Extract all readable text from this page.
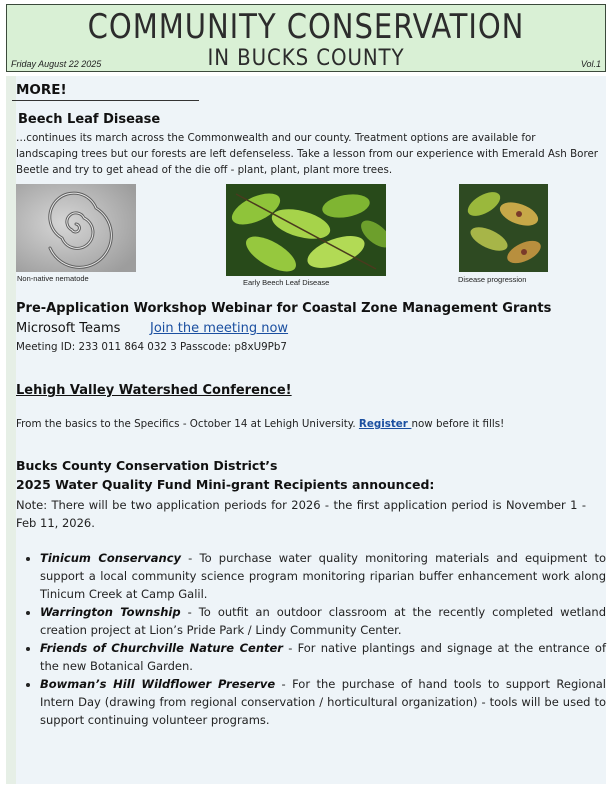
COMMUNITY CONSERVATION
IN BUCKS COUNTY
Friday August 22 2025	Vol.1
MORE!
Beech Leaf Disease
…continues its march across the Commonwealth and our county. Treatment options are available for landscaping trees but our forests are left defenseless. Take a lesson from our experience with Emerald Ash Borer Beetle and try to get ahead of the die off - plant, plant, plant more trees.
Non-native nematode	Early Beech Leaf Disease	Disease progression
Pre-Application Workshop Webinar for Coastal Zone Management Grants
Microsoft Teams Join the meeting now
Meeting ID: 233 011 864 032 3 Passcode: p8xU9Pb7
Lehigh Valley Watershed Conference!
From the basics to the Specifics - October 14 at Lehigh University. Register now before it fills!
Bucks County Conservation District’s
2025 Water Quality Fund Mini-grant Recipients announced:
Note: There will be two application periods for 2026 - the first application period is November 1 - Feb 11, 2026.
• Tinicum Conservancy - To purchase water quality monitoring materials and equipment to support a local community science program monitoring riparian buffer enhancement work along Tinicum Creek at Camp Galil.
• Warrington Township - To outfit an outdoor classroom at the recently completed wetland creation project at Lion’s Pride Park / Lindy Community Center.
• Friends of Churchville Nature Center - For native plantings and signage at the entrance of the new Botanical Garden.
• Bowman’s Hill Wildflower Preserve - For the purchase of hand tools to support Regional Intern Day (drawing from regional conservation / horticultural organization) - tools will be used to support continuing volunteer programs.
